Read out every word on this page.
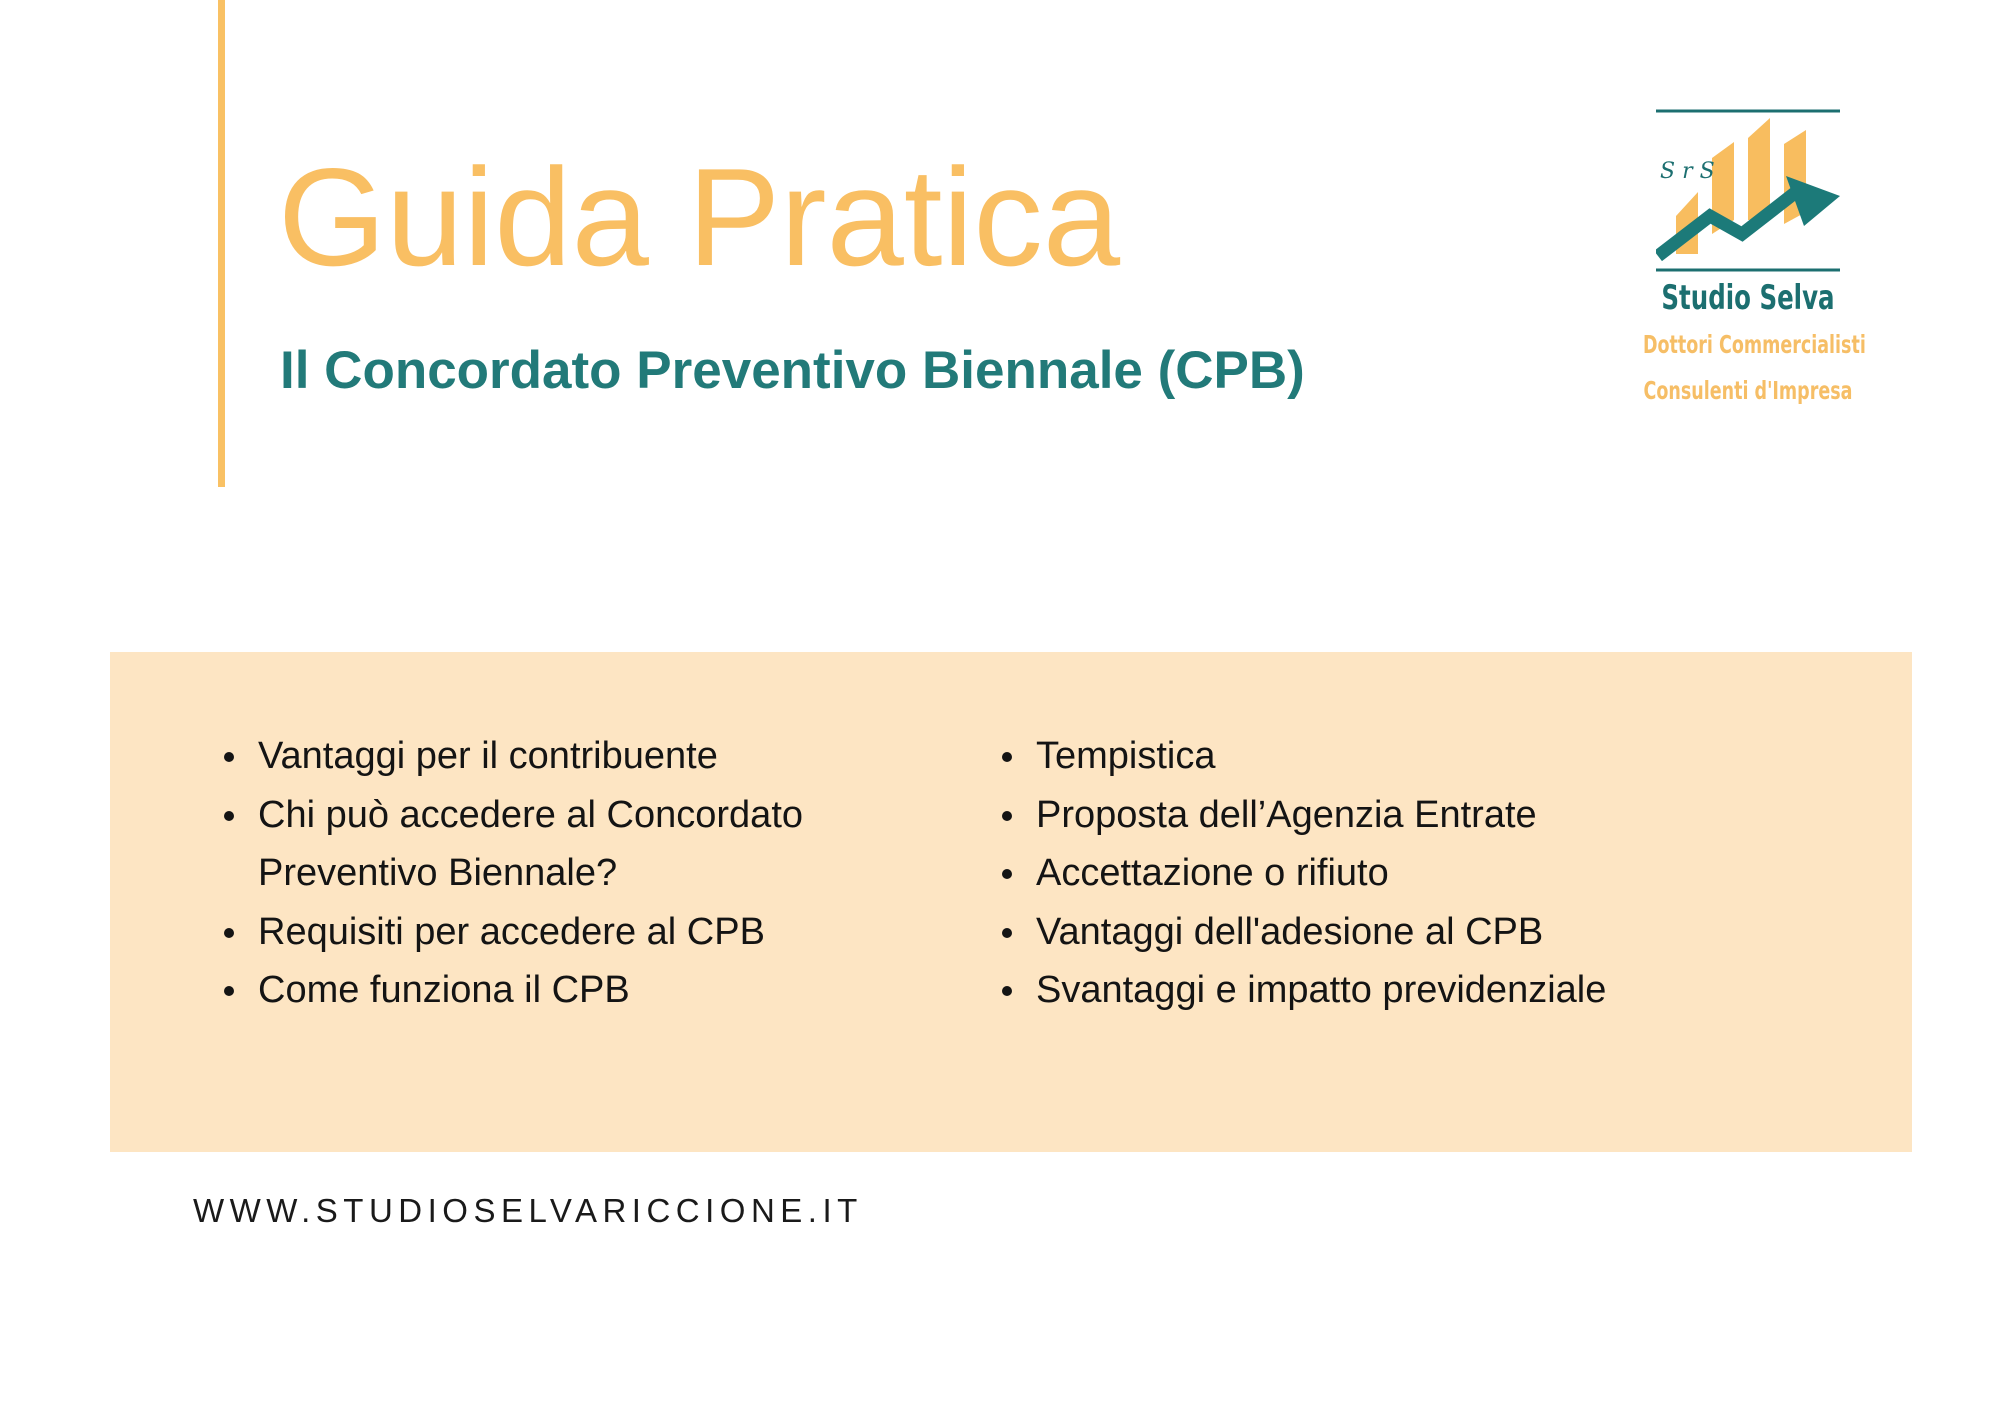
Guida Pratica
Il Concordato Preventivo Biennale (CPB)
S r S
Studio Selva
Dottori Commercialisti
Consulenti d'Impresa
Vantaggi per il contribuente
Chi può accedere al Concordato Preventivo Biennale?
Requisiti per accedere al CPB
Come funziona il CPB
Tempistica
Proposta dell’Agenzia Entrate
Accettazione o rifiuto
Vantaggi dell'adesione al CPB
Svantaggi e impatto previdenziale
WWW.STUDIOSELVARICCIONE.IT
